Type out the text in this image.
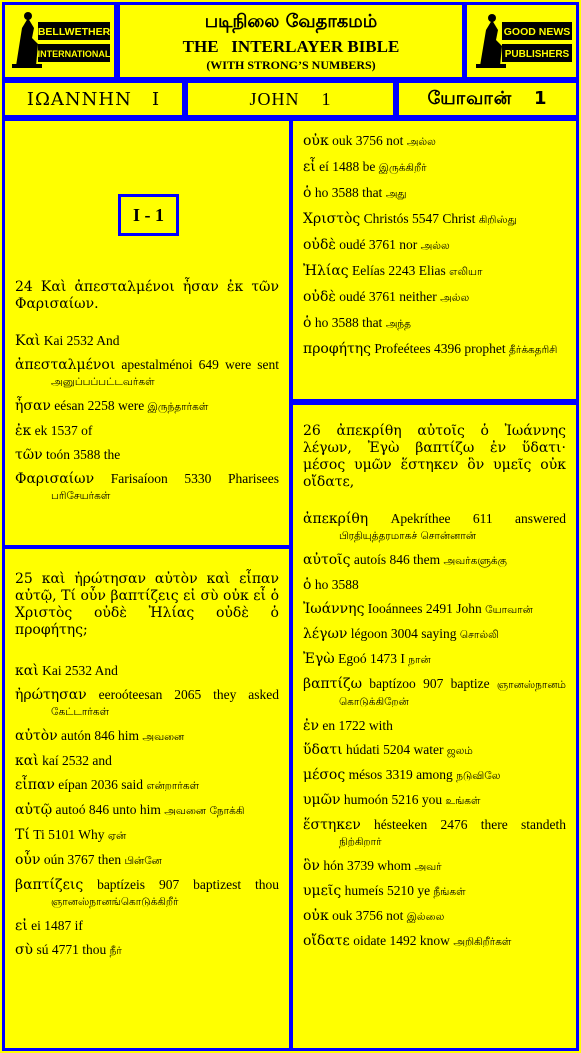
BELLWETHER
INTERNATIONAL
படிநிலை வேதாகமம்
THE   INTERLAYER BIBLE
(WITH STRONG’S NUMBERS)
GOOD NEWS
PUBLISHERS
ΙΩΑΝΝΗΝ   Ι	JOHN    1	யோவான்   1
I - 1
24 Καὶ ἀπεσταλμένοι ἦσαν ἐκ τῶν Φαρισαίων.

Καὶ Kai 2532 And

ἀπεσταλμένοι apestalménoi 649 were sent அனுப்பப்பட்டவர்கள்

ἦσαν eésan 2258 were இருந்தார்கள்

ἐκ ek 1537 of

τῶν toón 3588 the

Φαρισαίων Farisaíoon 5330 Pharisees பரிசேயர்கள்

25 καὶ ἠρώτησαν αὐτὸν καὶ εἶπαν αὐτῷ, Τί οὖν βαπτίζεις εἰ σὺ οὐκ εἶ ὁ Χριστὸς οὐδὲ Ἠλίας οὐδὲ ὁ προφήτης;

καὶ Kai 2532 And

ἠρώτησαν eeroóteesan 2065 they asked கேட்டார்கள்

αὐτὸν autón 846 him அவனை

καὶ kaí 2532 and

εἶπαν eípan 2036 said என்றார்கள்

αὐτῷ autoó 846 unto him அவனை நோக்கி

Τί Ti 5101 Why ஏன்

οὖν oún 3767 then பின்னே

βαπτίζεις baptízeis 907 baptizest thou ஞானஸ்நானங்கொடுக்கிறீர்

εἰ ei 1487 if

σὺ sú 4771 thou நீர்

οὐκ ouk 3756 not அல்ல

εἶ eí 1488 be இருக்கிறீர்

ὁ ho 3588 that அது

Χριστὸς Christós 5547 Christ கிறிஸ்து

οὐδὲ oudé 3761 nor அல்ல

Ἠλίας Eelías 2243 Elias எலியா

οὐδὲ oudé 3761 neither அல்ல

ὁ ho 3588 that அந்த

προφήτης Profeétees 4396 prophet தீர்க்கதரிசி

26 ἀπεκρίθη αὐτοῖς ὁ Ἰωάννης λέγων, Ἐγὼ βαπτίζω ἐν ὕδατι· μέσος υμῶν ἕστηκεν ὃν υμεῖς οὐκ οἴδατε,

ἀπεκρίθη Apekríthee 611 answered பிரதியுத்தரமாகச் சொன்னான்

αὐτοῖς autoís 846 them அவர்களுக்கு

ὁ ho 3588

Ἰωάννης Iooánnees 2491 John யோவான்

λέγων légoon 3004 saying சொல்லி

Ἐγὼ Egoó 1473 I நான்

βαπτίζω baptízoo 907 baptize ஞானஸ்நானம் கொடுக்கிறேன்

ἐν en 1722 with

ὕδατι húdati 5204 water ஜலம்

μέσος mésos 3319 among நடுவிலே

υμῶν humoón 5216 you உங்கள்

ἕστηκεν hésteeken 2476 there standeth நிற்கிறார்

ὃν hón 3739 whom அவர்

υμεῖς humeís 5210 ye நீங்கள்

οὐκ ouk 3756 not இல்லை

οἴδατε oidate 1492 know அறிகிறீர்கள்
